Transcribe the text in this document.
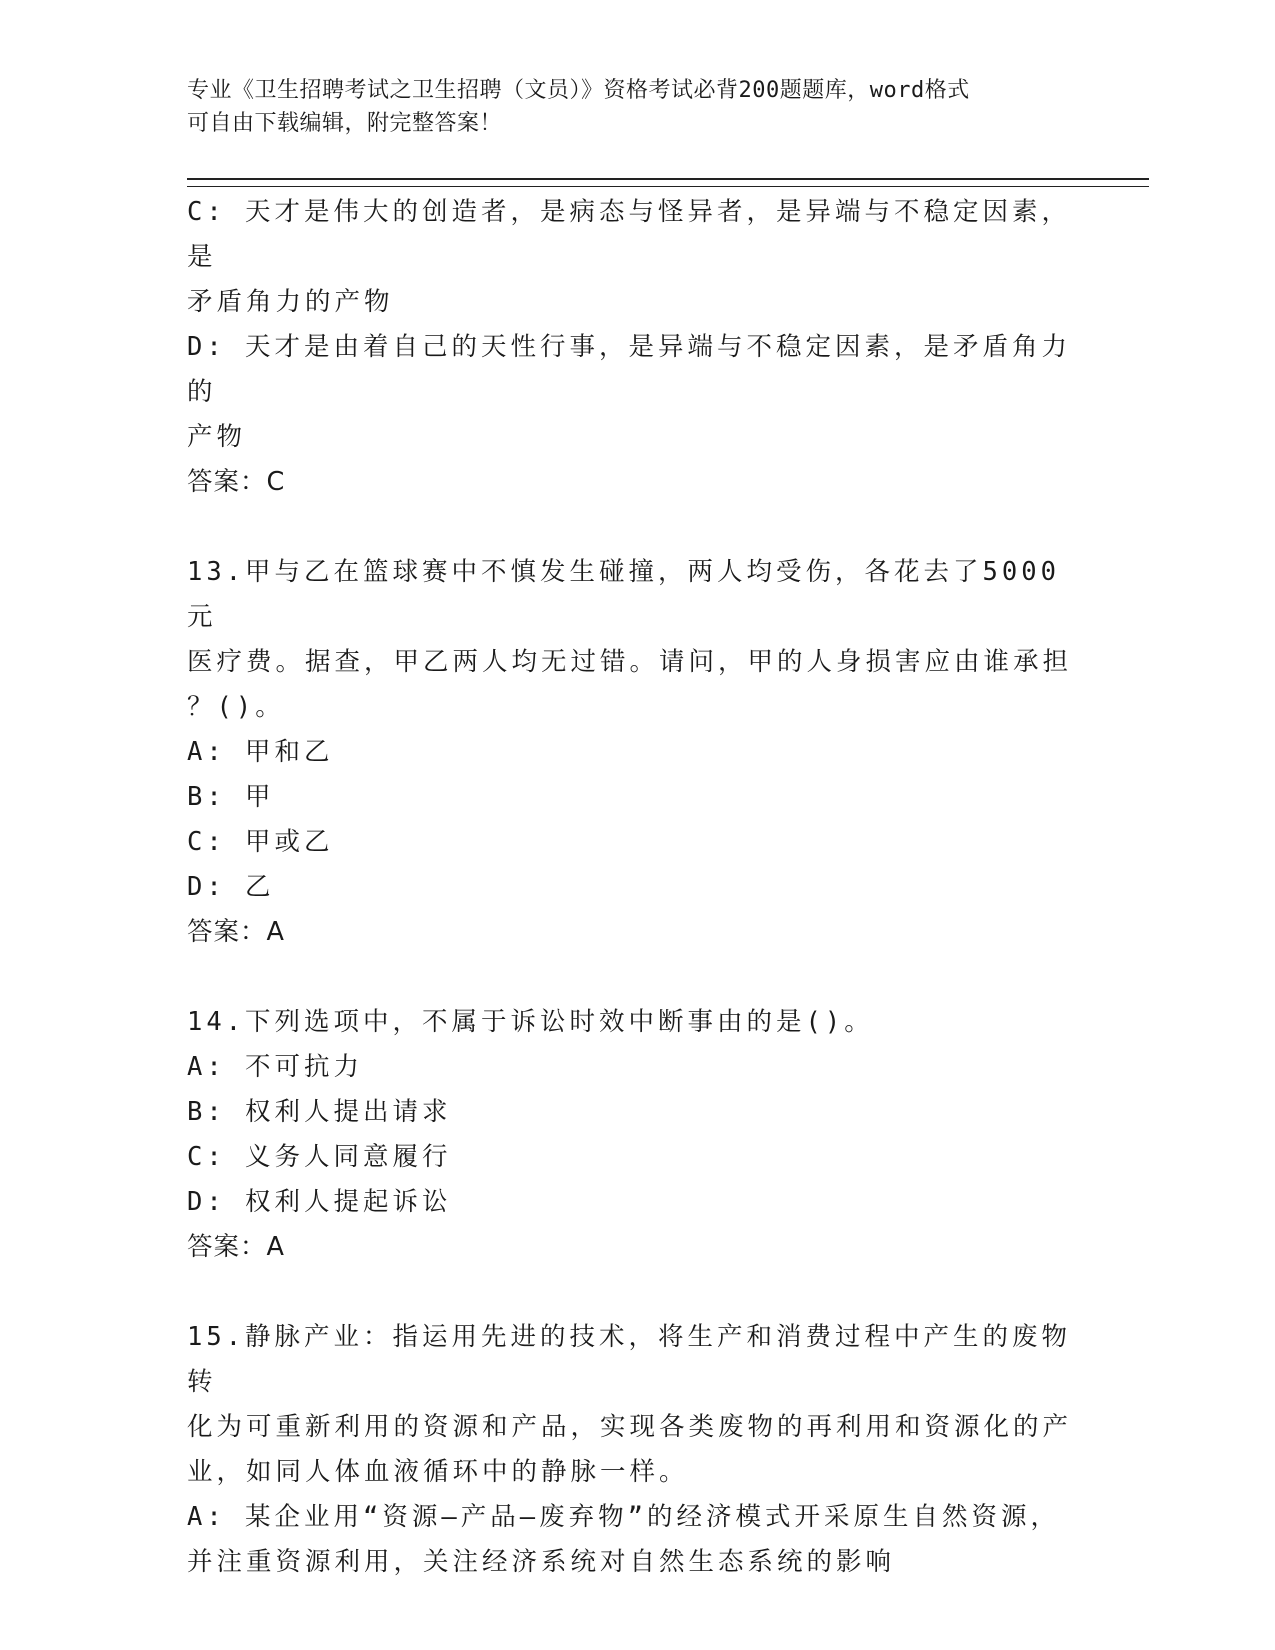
专业《卫生招聘考试之卫生招聘（文员）》资格考试必背200题题库，word格式
可自由下载编辑，附完整答案！

C: 天才是伟大的创造者，是病态与怪异者，是异端与不稳定因素，是

矛盾角力的产物

D: 天才是由着自己的天性行事，是异端与不稳定因素，是矛盾角力的

产物

答案：C

13.甲与乙在篮球赛中不慎发生碰撞，两人均受伤，各花去了5000元

医疗费。据查，甲乙两人均无过错。请问，甲的人身损害应由谁承担

？()。

A: 甲和乙

B: 甲

C: 甲或乙

D: 乙

答案：A

14.下列选项中，不属于诉讼时效中断事由的是()。

A: 不可抗力

B: 权利人提出请求

C: 义务人同意履行

D: 权利人提起诉讼

答案：A

15.静脉产业：指运用先进的技术，将生产和消费过程中产生的废物转

化为可重新利用的资源和产品，实现各类废物的再利用和资源化的产

业，如同人体血液循环中的静脉一样。

A: 某企业用“资源—产品—废弃物”的经济模式开采原生自然资源，

并注重资源利用，关注经济系统对自然生态系统的影响
